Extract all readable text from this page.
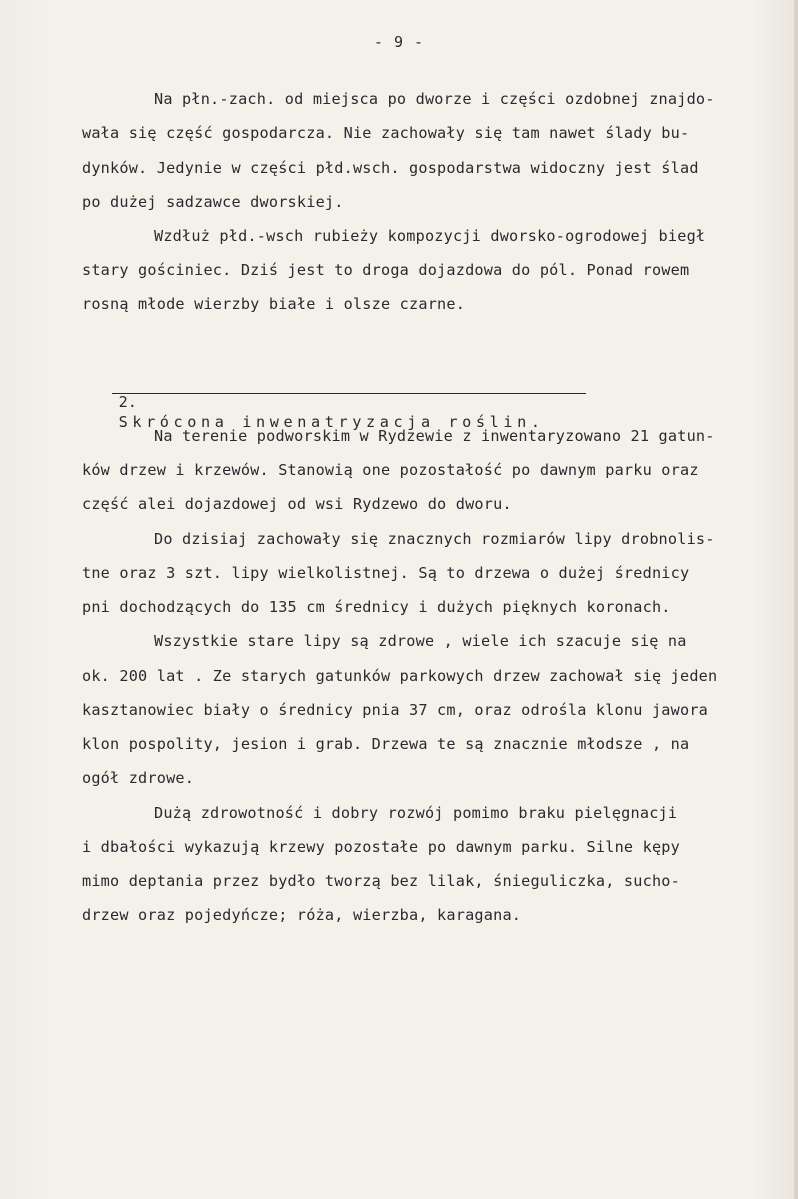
- 9 -
Na płn.-zach. od miejsca po dworze i części ozdobnej znajdo-
wała się część gospodarcza. Nie zachowały się tam nawet ślady bu-
dynków. Jedynie w części płd.wsch. gospodarstwa widoczny jest ślad
po dużej sadzawce dworskiej.
Wzdłuż płd.-wsch rubieży kompozycji dworsko-ogrodowej biegł
stary gościniec. Dziś jest to droga dojazdowa do pól. Ponad rowem
rosną młode wierzby białe i olsze czarne.

2.
Skrócona inwenatryzacja roślin.

Na terenie podworskim w Rydzewie z inwentaryzowano 21 gatun-
ków drzew i krzewów. Stanowią one pozostałość po dawnym parku oraz
część alei dojazdowej od wsi Rydzewo do dworu.
Do dzisiaj zachowały się znacznych rozmiarów lipy drobnolis-
tne oraz 3 szt. lipy wielkolistnej. Są to drzewa o dużej średnicy
pni dochodzących do 135 cm średnicy i dużych pięknych koronach.
Wszystkie stare lipy są zdrowe , wiele ich szacuje się na
ok. 200 lat . Ze starych gatunków parkowych drzew zachował się jeden
kasztanowiec biały o średnicy pnia 37 cm, oraz odrośla klonu jawora
klon pospolity, jesion i grab. Drzewa te są znacznie młodsze , na
ogół zdrowe.
Dużą zdrowotność i dobry rozwój pomimo braku pielęgnacji
i dbałości wykazują krzewy pozostałe po dawnym parku. Silne kępy
mimo deptania przez bydło tworzą bez lilak, śnieguliczka, sucho-
drzew oraz pojedyńcze; róża, wierzba, karagana.
